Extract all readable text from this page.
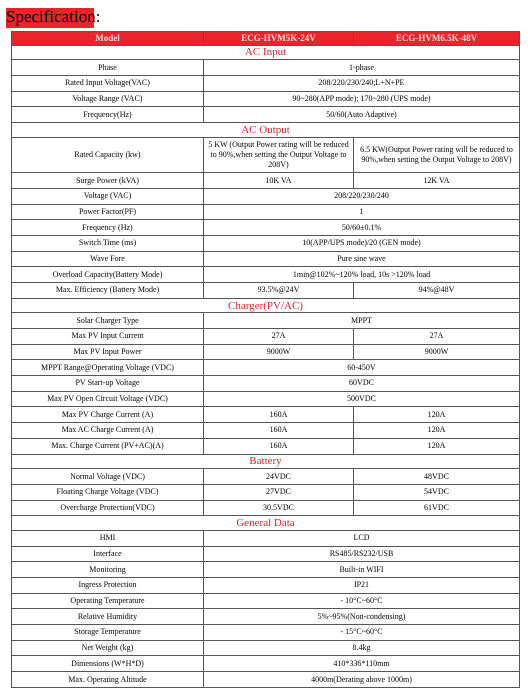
Specification:
Model	ECG-HVM5K-24V	ECG-HVM6.5K-48V
AC Input		
Phase	1-phase	
Rated Input Voltage(VAC)	208/220/230/240;L+N+PE	
Voltage Range (VAC)	90~280(APP mode); 170~280 (UPS mode)	
Frequency(Hz)	50/60(Auto Adaptive)	
AC Output		
Rated Capacity (kw)	5 KW (Output Power rating will be reduced to 90%,when setting the Output Voltage to 208V)	6.5 KW(Output Power rating will be reduced to 90%,when setting the Output Voltage to 208V)
Surge Power (kVA)	10K VA	12K VA
Voltage (VAC)	208/220/230/240	
Power Factor(PF)	1	
Frequency (Hz)	50/60±0.1%	
Switch Time (ms)	10(APP/UPS mode)/20 (GEN mode)	
Wave Fore	Pure sine wave	
Overload Capacity(Battery Mode)	1min@102%~120% load, 10s >120% load	
Max. Efficiency (Battery Mode)	93.5%@24V	94%@48V
Charger(PV/AC)		
Solar Charger Type	MPPT	
Max PV Input Current	27A	27A
Max PV Input Power	9000W	9000W
MPPT Range@Operating Voltage (VDC)	60-450V	
PV Start-up Voltage	60VDC	
Max PV Open Circuit Voltage (VDC)	500VDC	
Max PV Charge Current (A)	160A	120A
Max AC Charge Current (A)	160A	120A
Max. Charge Current (PV+AC)(A)	160A	120A
Battery		
Normal Voltage (VDC)	24VDC	48VDC
Floating Charge Voltage (VDC)	27VDC	54VDC
Overcharge Protection(VDC)	30.5VDC	61VDC
General Data		
HMI	LCD	
Interface	RS485/RS232/USB	
Monitoring	Built-in WIFI	
Ingress Protection	IP21	
Operating Temperature	- 10°C~60°C	
Relative Humidity	5%~95%(Non-condensing)	
Storage Temperature	- 15°C~60°C	
Net Weight (kg)	8.4kg	
Dimensions (W*H*D)	410*336*110mm	
Max. Operating Altitude	4000m(Derating above 1000m)	
